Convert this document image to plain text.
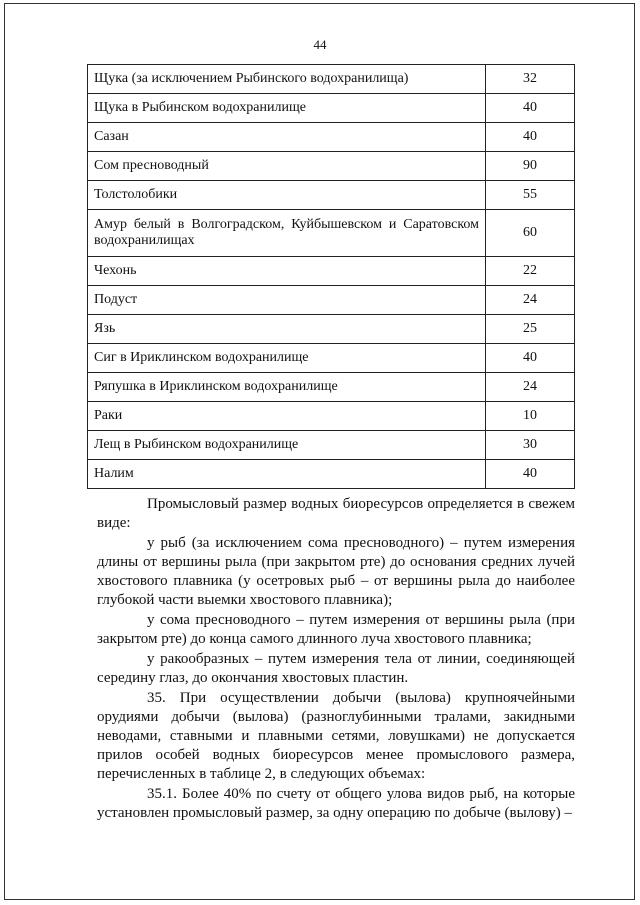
44
Щука (за исключением Рыбинского водохранилища)	32
Щука в Рыбинском водохранилище	40
Сазан	40
Сом пресноводный	90
Толстолобики	55
Амур белый в Волгоградском, Куйбышевском и Саратовском водохранилищах	60
Чехонь	22
Подуст	24
Язь	25
Сиг в Ириклинском водохранилище	40
Ряпушка в Ириклинском водохранилище	24
Раки	10
Лещ в Рыбинском водохранилище	30
Налим	40

Промысловый размер водных биоресурсов определяется в свежем виде:

у рыб (за исключением сома пресноводного) – путем измерения длины от вершины рыла (при закрытом рте) до основания средних лучей хвостового плавника (у осетровых рыб – от вершины рыла до наиболее глубокой части выемки хвостового плавника);

у сома пресноводного – путем измерения от вершины рыла (при закрытом рте) до конца самого длинного луча хвостового плавника;

у ракообразных – путем измерения тела от линии, соединяющей середину глаз, до окончания хвостовых пластин.

35. При осуществлении добычи (вылова) крупноячейными орудиями добычи (вылова) (разноглубинными тралами, закидными неводами, ставными и плавными сетями, ловушками) не допускается прилов особей водных биоресурсов менее промыслового размера, перечисленных в таблице 2, в следующих объемах:

35.1. Более 40% по счету от общего улова видов рыб, на которые установлен промысловый размер, за одну операцию по добыче (вылову) –
